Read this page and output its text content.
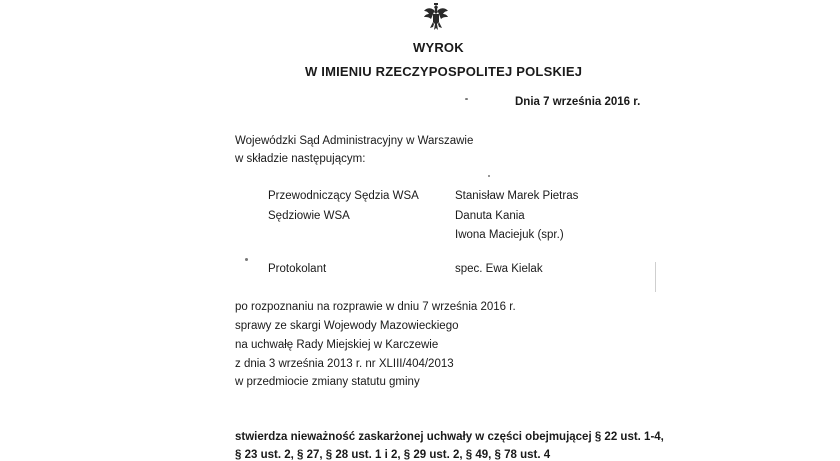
WYROK
W IMIENIU RZECZYPOSPOLITEJ POLSKIEJ
Dnia 7 września 2016 r.
Wojewódzki Sąd Administracyjny w Warszawie
w składzie następującym:
Przewodniczący Sędzia WSA	Stanisław Marek Pietras
Sędziowie WSA	Danuta Kania
Iwona Maciejuk (spr.)
Protokolant	spec. Ewa Kielak
po rozpoznaniu na rozprawie w dniu 7 września 2016 r.
sprawy ze skargi Wojewody Mazowieckiego
na uchwałę Rady Miejskiej w Karczewie
z dnia 3 września 2013 r. nr XLIII/404/2013
w przedmiocie zmiany statutu gminy
stwierdza nieważność zaskarżonej uchwały w części obejmującej § 22 ust. 1-4,
§ 23 ust. 2, § 27, § 28 ust. 1 i 2, § 29 ust. 2, § 49, § 78 ust. 4
